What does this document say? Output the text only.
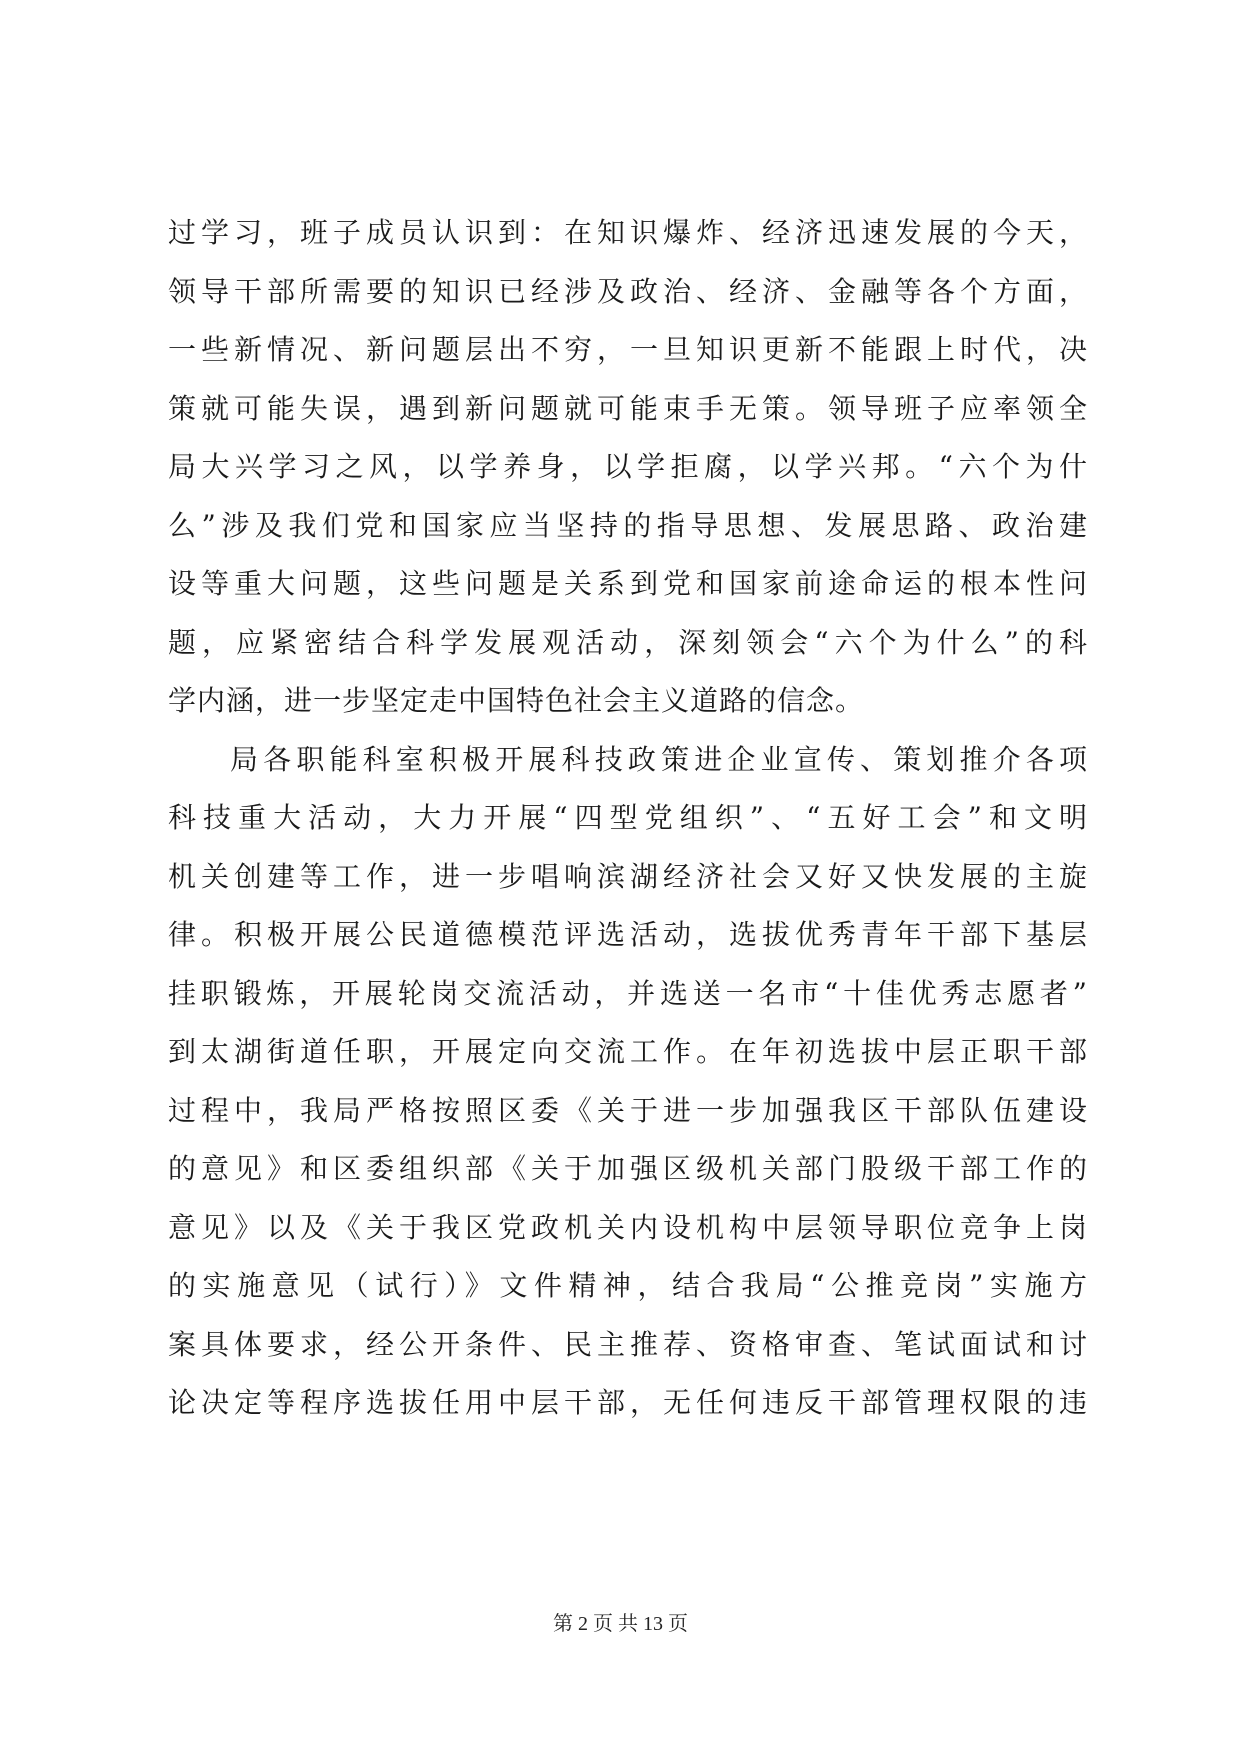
过学习，班子成员认识到：在知识爆炸、经济迅速发展的今天，
领导干部所需要的知识已经涉及政治、经济、金融等各个方面，
一些新情况、新问题层出不穷，一旦知识更新不能跟上时代，决
策就可能失误，遇到新问题就可能束手无策。领导班子应率领全
局大兴学习之风，以学养身，以学拒腐，以学兴邦。“六个为什
么”涉及我们党和国家应当坚持的指导思想、发展思路、政治建
设等重大问题，这些问题是关系到党和国家前途命运的根本性问
题，应紧密结合科学发展观活动，深刻领会“六个为什么”的科
学内涵，进一步坚定走中国特色社会主义道路的信念。
局各职能科室积极开展科技政策进企业宣传、策划推介各项
科技重大活动，大力开展“四型党组织”、“五好工会”和文明
机关创建等工作，进一步唱响滨湖经济社会又好又快发展的主旋
律。积极开展公民道德模范评选活动，选拔优秀青年干部下基层
挂职锻炼，开展轮岗交流活动，并选送一名市“十佳优秀志愿者”
到太湖街道任职，开展定向交流工作。在年初选拔中层正职干部
过程中，我局严格按照区委《关于进一步加强我区干部队伍建设
的意见》和区委组织部《关于加强区级机关部门股级干部工作的
意见》以及《关于我区党政机关内设机构中层领导职位竞争上岗
的实施意见（试行）》文件精神，结合我局“公推竞岗”实施方
案具体要求，经公开条件、民主推荐、资格审查、笔试面试和讨
论决定等程序选拔任用中层干部，无任何违反干部管理权限的违
第 2 页 共 13 页
